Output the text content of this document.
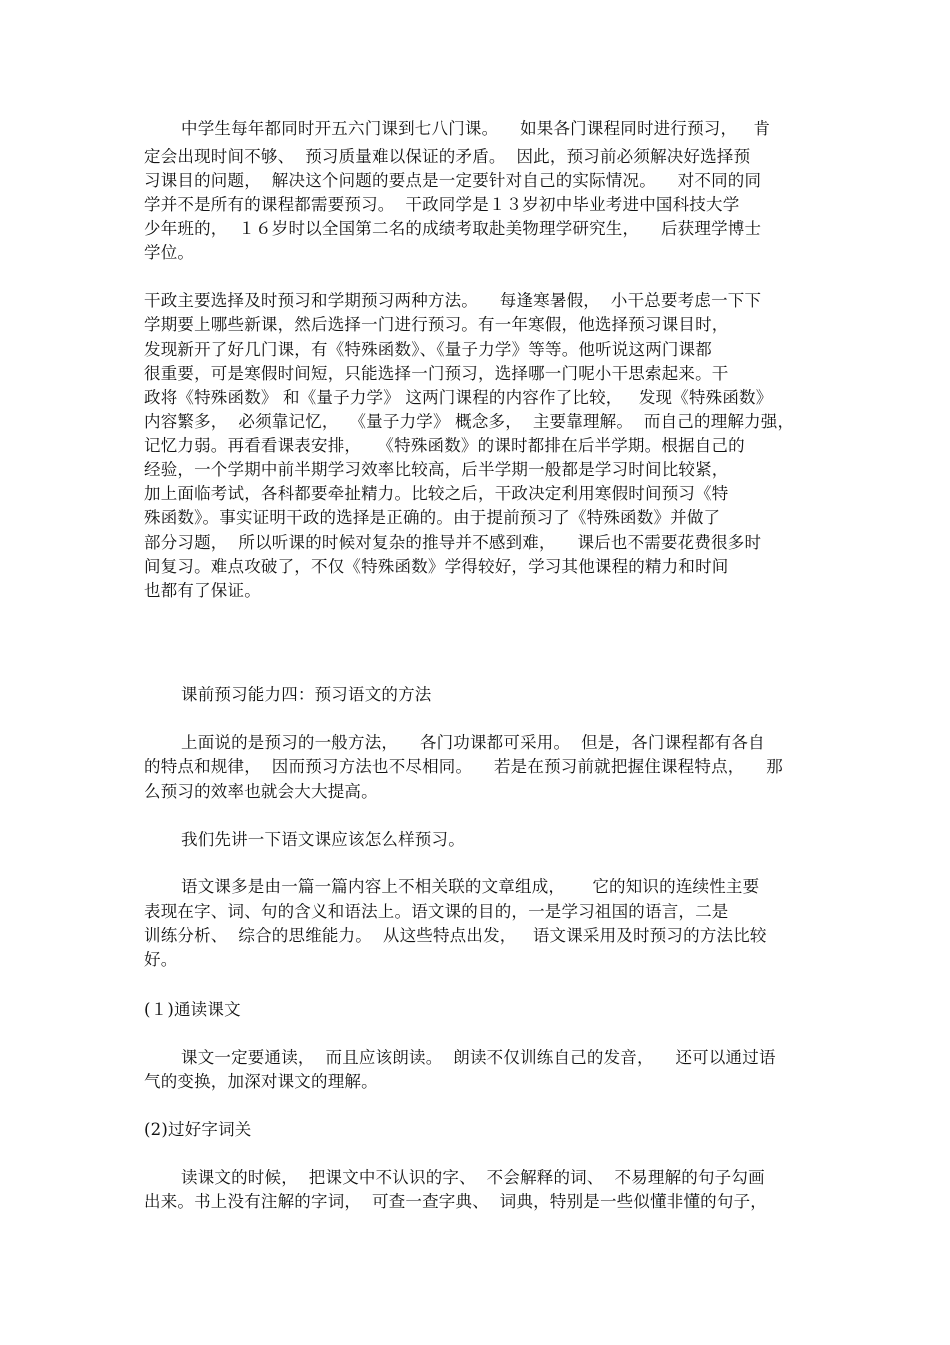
中学生每年都同时开五六门课到七八门课。    如果各门课程同时进行预习，   肯

定会出现时间不够、  预习质量难以保证的矛盾。  因此，预习前必须解决好选择预

习课目的问题，  解决这个问题的要点是一定要针对自己的实际情况。    对不同的同

学并不是所有的课程都需要预习。  干政同学是１３岁初中毕业考进中国科技大学

少年班的，  １６岁时以全国第二名的成绩考取赴美物理学研究生，    后获理学博士

学位。

干政主要选择及时预习和学期预习两种方法。    每逢寒暑假，  小干总要考虑一下下

学期要上哪些新课，然后选择一门进行预习。有一年寒假，他选择预习课目时，

发现新开了好几门课，有《特殊函数》、《量子力学》等等。他听说这两门课都

很重要，可是寒假时间短，只能选择一门预习，选择哪一门呢小干思索起来。干

政将《特殊函数》 和《量子力学》 这两门课程的内容作了比较，   发现《特殊函数》

内容繁多，  必须靠记忆，  《量子力学》 概念多，  主要靠理解。  而自己的理解力强，

记忆力弱。再看看课表安排，   《特殊函数》的课时都排在后半学期。根据自己的

经验，一个学期中前半期学习效率比较高，后半学期一般都是学习时间比较紧，

加上面临考试，各科都要牵扯精力。比较之后，干政决定利用寒假时间预习《特

殊函数》。事实证明干政的选择是正确的。由于提前预习了《特殊函数》并做了

部分习题，  所以听课的时候对复杂的推导并不感到难，    课后也不需要花费很多时

间复习。难点攻破了，不仅《特殊函数》学得较好，学习其他课程的精力和时间

也都有了保证。

课前预习能力四：预习语文的方法

上面说的是预习的一般方法，    各门功课都可采用。  但是，各门课程都有各自

的特点和规律，  因而预习方法也不尽相同。    若是在预习前就把握住课程特点，    那

么预习的效率也就会大大提高。

我们先讲一下语文课应该怎么样预习。

语文课多是由一篇一篇内容上不相关联的文章组成，     它的知识的连续性主要

表现在字、词、句的含义和语法上。语文课的目的，一是学习祖国的语言，二是

训练分析、  综合的思维能力。  从这些特点出发，   语文课采用及时预习的方法比较

好。

(１)通读课文

课文一定要通读，  而且应该朗读。  朗读不仅训练自己的发音，    还可以通过语

气的变换，加深对课文的理解。

(2)过好字词关

读课文的时候，  把课文中不认识的字、  不会解释的词、  不易理解的句子勾画

出来。书上没有注解的字词，  可查一查字典、  词典，特别是一些似懂非懂的句子，
